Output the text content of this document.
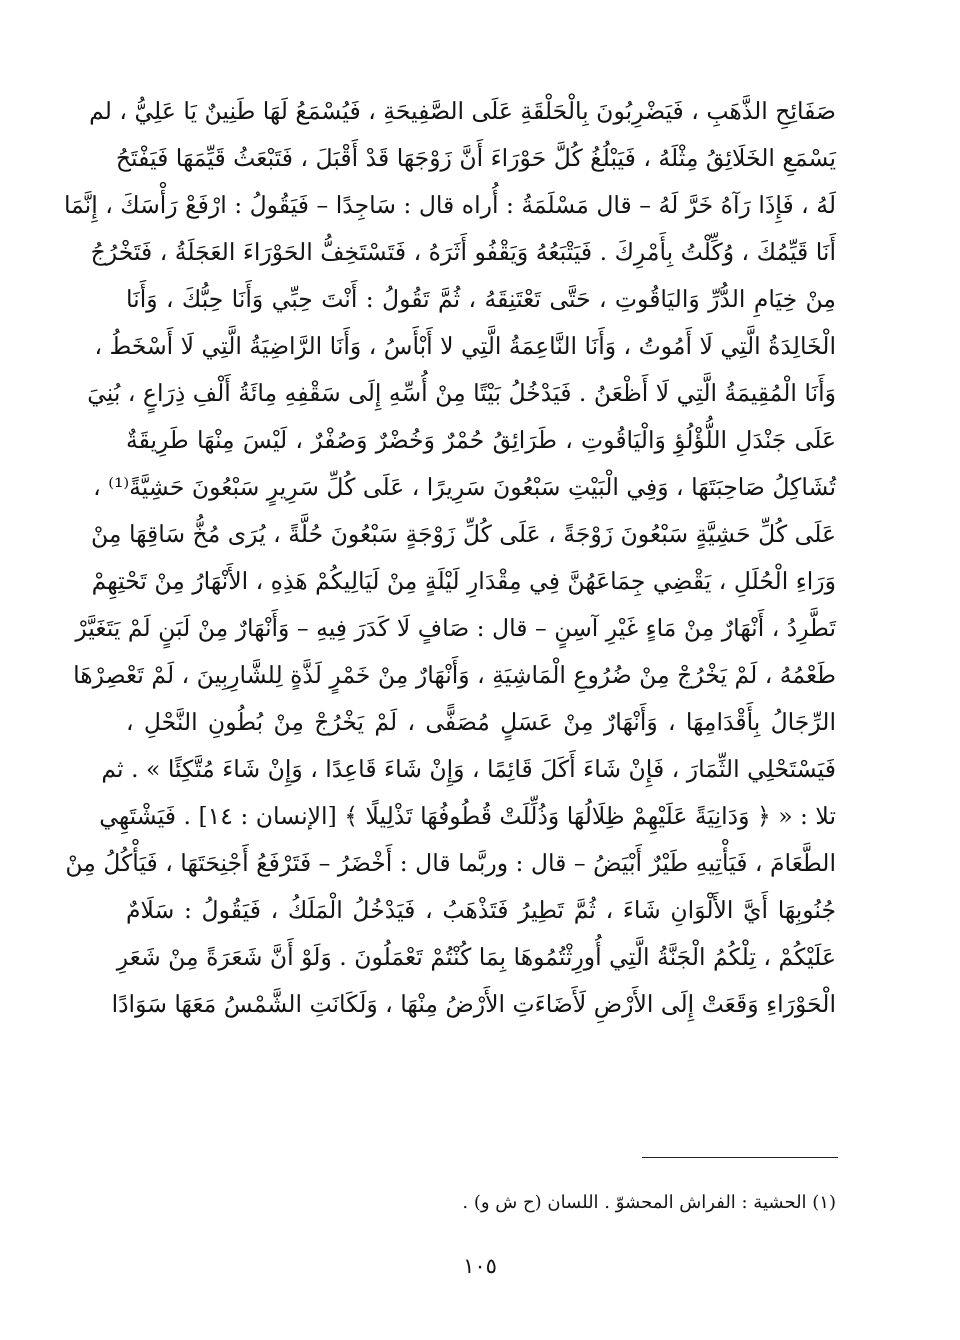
صَفَائِحِ الذَّهَبِ ، فَيَضْرِبُونَ بِالْحَلْقَةِ عَلَى الصَّفِيحَةِ ، فَيُسْمَعُ لَهَا طَنِينٌ يَا عَلِيُّ ، لم
يَسْمَعِ الخَلَائِقُ مِثْلَهُ ، فَيَبْلُغُ كُلَّ حَوْرَاءَ أَنَّ زَوْجَهَا قَدْ أَقْبَلَ ، فَتَبْعَثُ قَيِّمَهَا فَيَفْتَحُ
لَهُ ، فَإِذَا رَآهُ خَرَّ لَهُ – قال مَسْلَمَةُ : أُراه قال : سَاجِدًا – فَيَقُولُ : ارْفَعْ رَأْسَكَ ، إِنَّمَا
أَنَا قَيِّمُكَ ، وُكِّلْتُ بِأَمْرِكَ . فَيَتْبَعُهُ وَيَقْفُو أَثَرَهُ ، فَتَسْتَخِفُّ الحَوْرَاءَ العَجَلَةُ ، فَتَخْرُجُ
مِنْ خِيَامِ الدُّرِّ وَاليَاقُوتِ ، حَتَّى تَعْتَنِقَهُ ، ثُمَّ تَقُولُ : أَنْتَ حِبِّي وَأَنَا حِبُّكَ ، وَأَنَا
الْخَالِدَةُ الَّتِي لَا أَمُوتُ ، وَأَنَا النَّاعِمَةُ الَّتِي لا أَبْأَسُ ، وَأَنَا الرَّاضِيَةُ الَّتِي لَا أَسْخَطُ ،
وَأَنَا الْمُقِيمَةُ الَّتِي لَا أَظْعَنُ . فَيَدْخُلُ بَيْتًا مِنْ أُسِّهِ إِلَى سَقْفِهِ مِائَةُ أَلْفِ ذِرَاعٍ ، بُنِيَ
عَلَى جَنْدَلِ اللُّؤْلُؤِ وَالْيَاقُوتِ ، طَرَائِقُ حُمْرٌ وَخُضْرٌ وَصُفْرٌ ، لَيْسَ مِنْهَا طَرِيقَةٌ
تُشَاكِلُ صَاحِبَتَهَا ، وَفِي الْبَيْتِ سَبْعُونَ سَرِيرًا ، عَلَى كُلِّ سَرِيرٍ سَبْعُونَ حَشِيَّةً⁽¹⁾ ،
عَلَى كُلِّ حَشِيَّةٍ سَبْعُونَ زَوْجَةً ، عَلَى كُلِّ زَوْجَةٍ سَبْعُونَ حُلَّةً ، يُرَى مُخُّ سَاقِهَا مِنْ
وَرَاءِ الْحُلَلِ ، يَقْضِي جِمَاعَهُنَّ فِي مِقْدَارِ لَيْلَةٍ مِنْ لَيَالِيكُمْ هَذِهِ ، الأَنْهَارُ مِنْ تَحْتِهِمْ
تَطَّرِدُ ، أَنْهَارٌ مِنْ مَاءٍ غَيْرِ آسِنٍ – قال : صَافٍ لَا كَدَرَ فِيهِ – وَأَنْهَارٌ مِنْ لَبَنٍ لَمْ يَتَغَيَّرْ
طَعْمُهُ ، لَمْ يَخْرُجْ مِنْ ضُرُوعِ الْمَاشِيَةِ ، وَأَنْهَارٌ مِنْ خَمْرٍ لَذَّةٍ لِلشَّارِبِينَ ، لَمْ تَعْصِرْهَا
الرِّجَالُ بِأَقْدَامِهَا ، وَأَنْهَارٌ مِنْ عَسَلٍ مُصَفًّى ، لَمْ يَخْرُجْ مِنْ بُطُونِ النَّحْلِ ،
فَيَسْتَحْلِي الثِّمَارَ ، فَإِنْ شَاءَ أَكَلَ قَائِمًا ، وَإِنْ شَاءَ قَاعِدًا ، وَإِنْ شَاءَ مُتَّكِئًا » . ثم
تلا : « ﴿ وَدَانِيَةً عَلَيْهِمْ ظِلَالُهَا وَذُلِّلَتْ قُطُوفُهَا تَذْلِيلًا ﴾ [الإنسان : ١٤] . فَيَشْتَهِي
الطَّعَامَ ، فَيَأْتِيهِ طَيْرٌ أَبْيَضُ – قال : وربَّما قال : أَخْضَرُ – فَتَرْفَعُ أَجْنِحَتَهَا ، فَيَأْكُلُ مِنْ
جُنُوبِهَا أَيَّ الأَلْوَانِ شَاءَ ، ثُمَّ تَطِيرُ فَتَذْهَبُ ، فَيَدْخُلُ الْمَلَكُ ، فَيَقُولُ : سَلَامٌ
عَلَيْكُمْ ، تِلْكُمُ الْجَنَّةُ الَّتِي أُورِثْتُمُوهَا بِمَا كُنْتُمْ تَعْمَلُونَ . وَلَوْ أَنَّ شَعَرَةً مِنْ شَعَرِ
الْحَوْرَاءِ وَقَعَتْ إِلَى الأَرْضِ لَأَضَاءَتِ الأَرْضُ مِنْهَا ، وَلَكَانَتِ الشَّمْسُ مَعَهَا سَوَادًا
(١) الحشية : الفراش المحشوّ . اللسان (ح ش و) .
١٠٥
